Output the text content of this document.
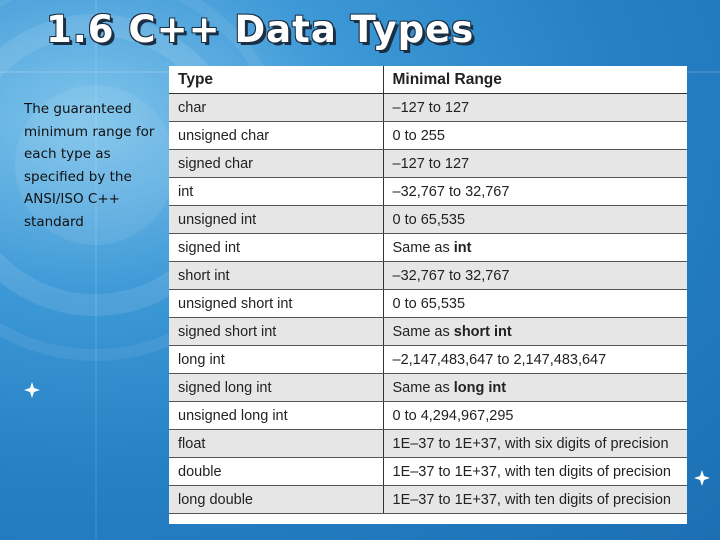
1.6 C++ Data Types
The guaranteed
minimum range for
each type as
specified by the
ANSI/ISO C++
standard
Type	Minimal Range
char	–127 to 127
unsigned char	0 to 255
signed char	–127 to 127
int	–32,767 to 32,767
unsigned int	0 to 65,535
signed int	Same as int
short int	–32,767 to 32,767
unsigned short int	0 to 65,535
signed short int	Same as short int
long int	–2,147,483,647 to 2,147,483,647
signed long int	Same as long int
unsigned long int	0 to 4,294,967,295
float	1E–37 to 1E+37, with six digits of precision
double	1E–37 to 1E+37, with ten digits of precision
long double	1E–37 to 1E+37, with ten digits of precision
